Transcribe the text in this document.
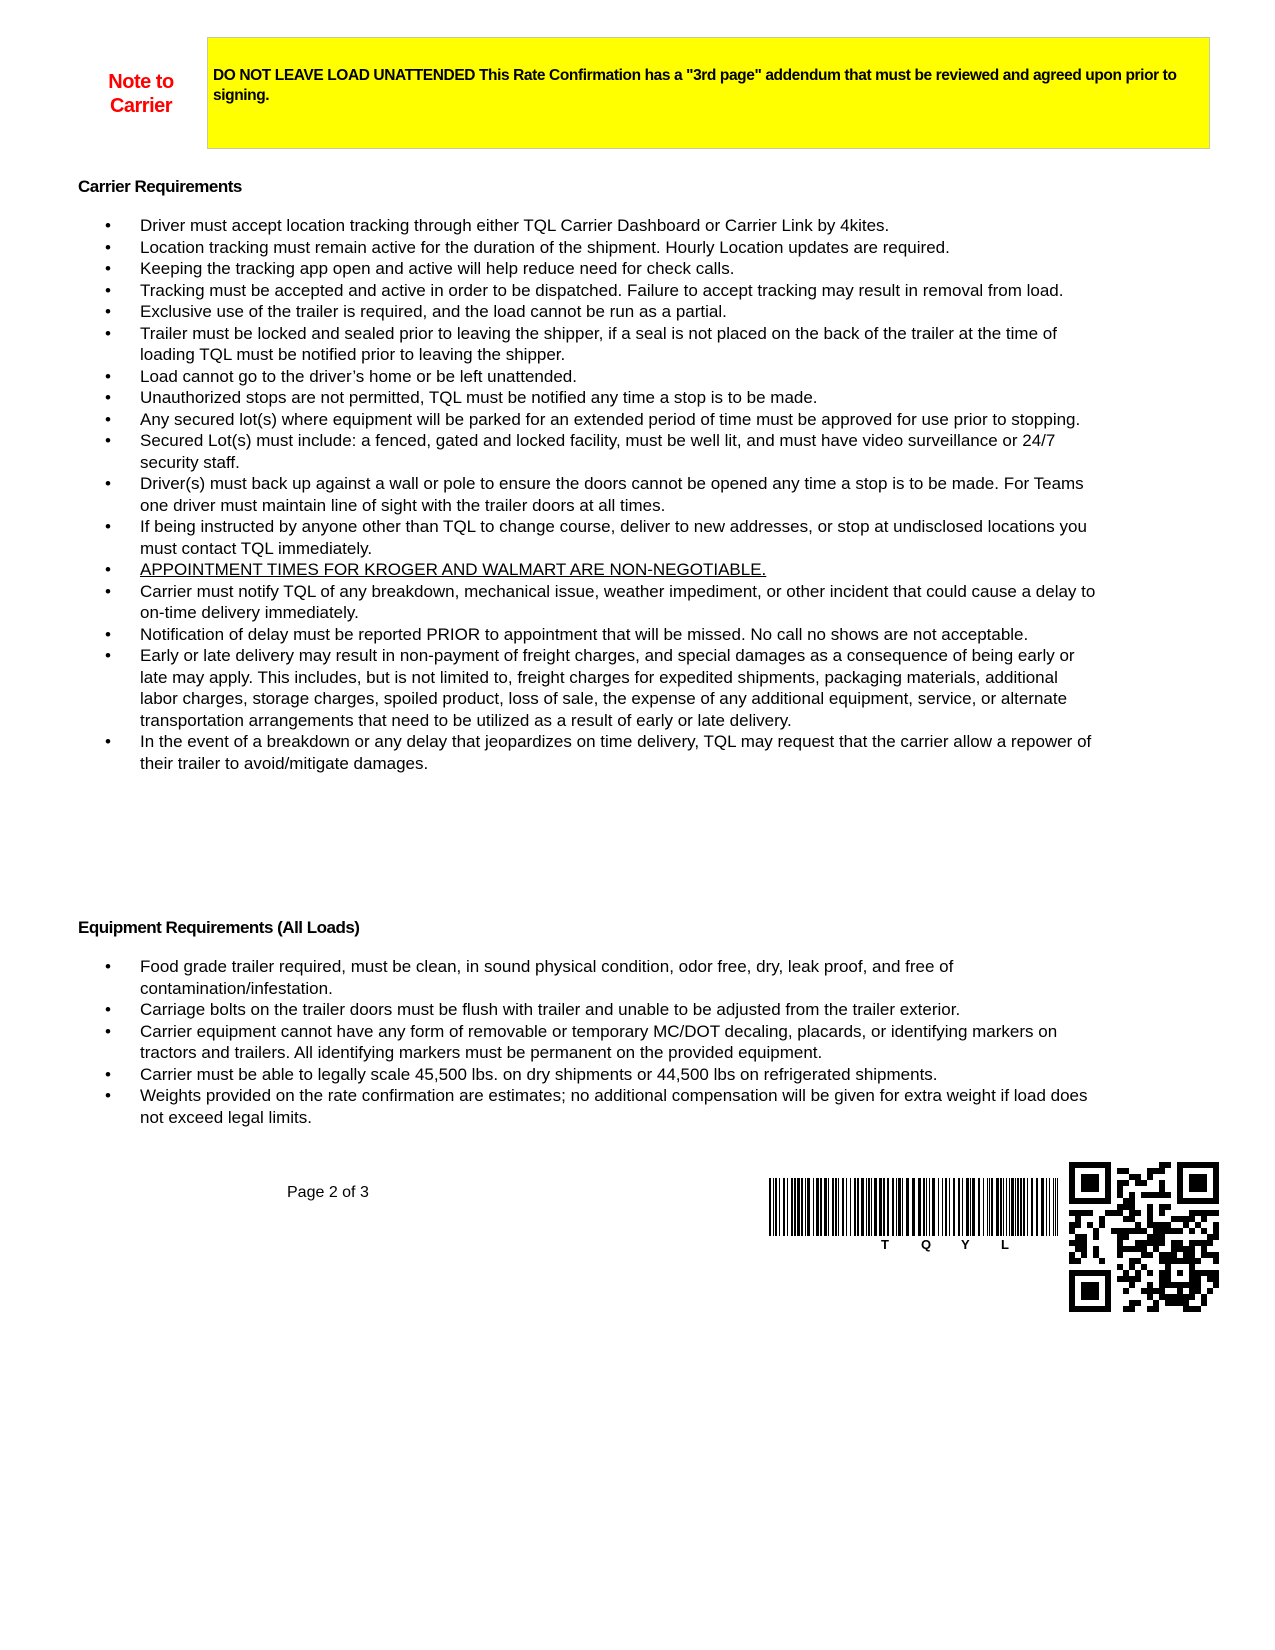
Note to
Carrier
DO NOT LEAVE LOAD UNATTENDED This Rate Confirmation has a "3rd page" addendum that must be reviewed and agreed upon prior to signing.
Carrier Requirements
• Driver must accept location tracking through either TQL Carrier Dashboard or Carrier Link by 4kites.
• Location tracking must remain active for the duration of the shipment. Hourly Location updates are required.
• Keeping the tracking app open and active will help reduce need for check calls.
• Tracking must be accepted and active in order to be dispatched. Failure to accept tracking may result in removal from load.
• Exclusive use of the trailer is required, and the load cannot be run as a partial.
• Trailer must be locked and sealed prior to leaving the shipper, if a seal is not placed on the back of the trailer at the time of loading TQL must be notified prior to leaving the shipper.
• Load cannot go to the driver’s home or be left unattended.
• Unauthorized stops are not permitted, TQL must be notified any time a stop is to be made.
• Any secured lot(s) where equipment will be parked for an extended period of time must be approved for use prior to stopping.
• Secured Lot(s) must include: a fenced, gated and locked facility, must be well lit, and must have video surveillance or 24/7 security staff.
• Driver(s) must back up against a wall or pole to ensure the doors cannot be opened any time a stop is to be made. For Teams one driver must maintain line of sight with the trailer doors at all times.
• If being instructed by anyone other than TQL to change course, deliver to new addresses, or stop at undisclosed locations you must contact TQL immediately.
• APPOINTMENT TIMES FOR KROGER AND WALMART ARE NON-NEGOTIABLE.
• Carrier must notify TQL of any breakdown, mechanical issue, weather impediment, or other incident that could cause a delay to on-time delivery immediately.
• Notification of delay must be reported PRIOR to appointment that will be missed. No call no shows are not acceptable.
• Early or late delivery may result in non-payment of freight charges, and special damages as a consequence of being early or late may apply. This includes, but is not limited to, freight charges for expedited shipments, packaging materials, additional labor charges, storage charges, spoiled product, loss of sale, the expense of any additional equipment, service, or alternate transportation arrangements that need to be utilized as a result of early or late delivery.
• In the event of a breakdown or any delay that jeopardizes on time delivery, TQL may request that the carrier allow a repower of their trailer to avoid/mitigate damages.
Equipment Requirements (All Loads)
• Food grade trailer required, must be clean, in sound physical condition, odor free, dry, leak proof, and free of contamination/infestation.
• Carriage bolts on the trailer doors must be flush with trailer and unable to be adjusted from the trailer exterior.
• Carrier equipment cannot have any form of removable or temporary MC/DOT decaling, placards, or identifying markers on tractors and trailers. All identifying markers must be permanent on the provided equipment.
• Carrier must be able to legally scale 45,500 lbs. on dry shipments or 44,500 lbs on refrigerated shipments.
• Weights provided on the rate confirmation are estimates; no additional compensation will be given for extra weight if load does not exceed legal limits.
Page 2 of 3
T Q Y L
